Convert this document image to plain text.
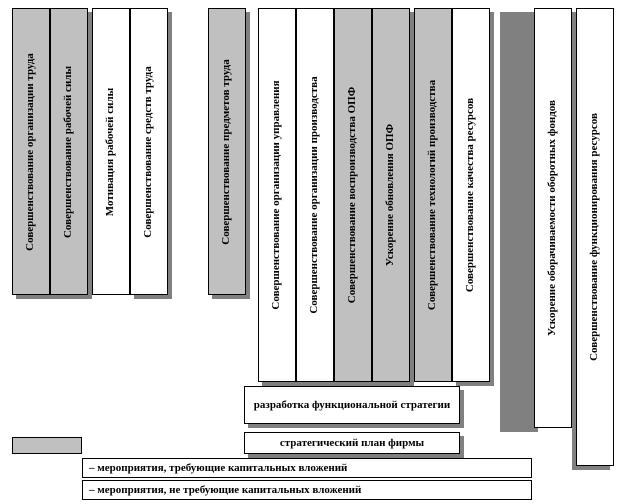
Совершенствование организации труда Совершенствование рабочей силы	Мотивация рабочей силы Совершенствование средств труда	Совершенствование предметов труда	Совершенствование организации управления Совершенствование организации производства Совершенствование воспроизводства ОПФ Ускорение обновления ОПФ	Совершенствование технологий производства Совершенствование качества ресурсов	Ускорение оборачиваемости оборотных фондов	Совершенствование функционирования ресурсов
разработка функциональной стратегии
стратегический план фирмы
– мероприятия, требующие капитальных вложений
– мероприятия, не требующие капитальных вложений
